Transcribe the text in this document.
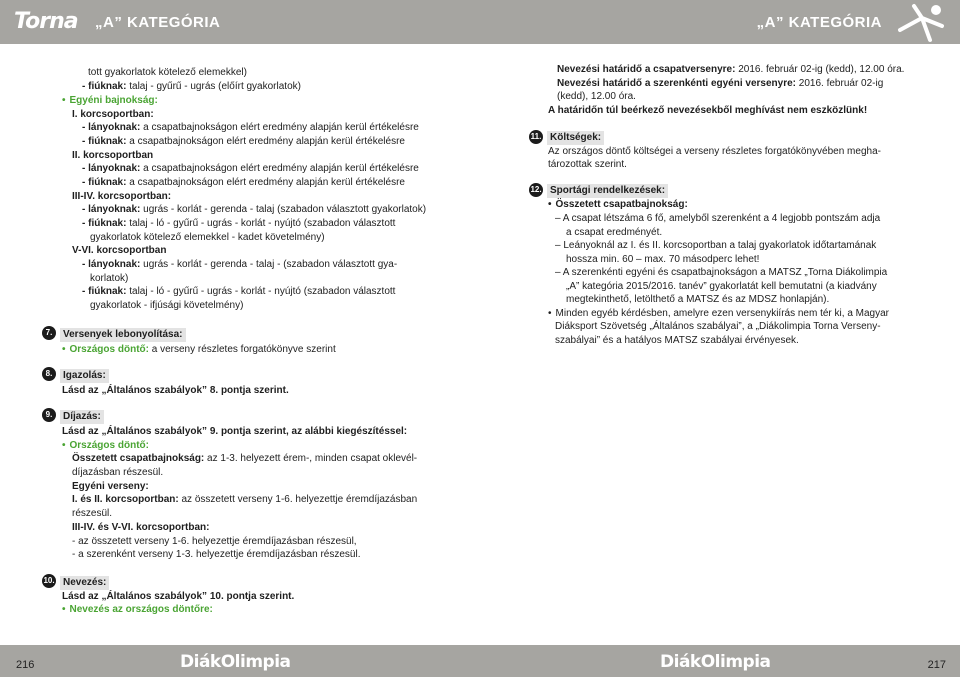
Torna „A” KATEGÓRIA	„A” KATEGÓRIA
tott gyakorlatok kötelező elemekkel)
- fiúknak: talaj - gyűrű - ugrás (előírt gyakorlatok)
• Egyéni bajnokság:
I. korcsoportban:
- lányoknak: a csapatbajnokságon elért eredmény alapján kerül értékelésre
- fiúknak: a csapatbajnokságon elért eredmény alapján kerül értékelésre
II. korcsoportban
- lányoknak: a csapatbajnokságon elért eredmény alapján kerül értékelésre
- fiúknak: a csapatbajnokságon elért eredmény alapján kerül értékelésre
III-IV. korcsoportban:
- lányoknak: ugrás - korlát - gerenda - talaj (szabadon választott gyakorlatok)
- fiúknak: talaj - ló - gyűrű - ugrás - korlát - nyújtó (szabadon választott
gyakorlatok kötelező elemekkel - kadet követelmény)
V-VI. korcsoportban
- lányoknak: ugrás - korlát - gerenda - talaj - (szabadon választott gya-
korlatok)
- fiúknak: talaj - ló - gyűrű - ugrás - korlát - nyújtó (szabadon választott
gyakorlatok - ifjúsági követelmény)
7.	Versenyek lebonyolítása:
• Országos döntő: a verseny részletes forgatókönyve szerint
8.	Igazolás:
Lásd az „Általános szabályok” 8. pontja szerint.
9.	Díjazás:
Lásd az „Általános szabályok” 9. pontja szerint, az alábbi kiegészítéssel:
• Országos döntő:
Összetett csapatbajnokság: az 1-3. helyezett érem-, minden csapat oklevél-
díjazásban részesül.
Egyéni verseny:
I. és II. korcsoportban: az összetett verseny 1-6. helyezettje éremdíjazásban
részesül.
III-IV. és V-VI. korcsoportban:
- az összetett verseny 1-6. helyezettje éremdíjazásban részesül,
- a szerenként verseny 1-3. helyezettje éremdíjazásban részesül.
10. Nevezés:
Lásd az „Általános szabályok” 10. pontja szerint.
• Nevezés az országos döntőre:
Nevezési határidő a csapatversenyre: 2016. február 02-ig (kedd), 12.00 óra.
Nevezési határidő a szerenkénti egyéni versenyre: 2016. február 02-ig
(kedd), 12.00 óra.
A határidőn túl beérkező nevezésekből meghívást nem eszközlünk!
11. Költségek:
Az országos döntő költségei a verseny részletes forgatókönyvében megha-
tározottak szerint.
12. Sportági rendelkezések:
• Összetett csapatbajnokság:
– A csapat létszáma 6 fő, amelyből szerenként a 4 legjobb pontszám adja
a csapat eredményét.
– Leányoknál az I. és II. korcsoportban a talaj gyakorlatok időtartamának
hossza min. 60 – max. 70 másodperc lehet!
– A szerenkénti egyéni és csapatbajnokságon a MATSZ „Torna Diákolimpia
„A” kategória 2015/2016. tanév” gyakorlatát kell bemutatni (a kiadvány
megtekinthető, letölthető a MATSZ és az MDSZ honlapján).
• Minden egyéb kérdésben, amelyre ezen versenykiírás nem tér ki, a Magyar
Diáksport Szövetség „Általános szabályai”, a „Diákolimpia Torna Verseny-
szabályai” és a hatályos MATSZ szabályai érvényesek.
216	DiákOlimpia	DiákOlimpia	217
